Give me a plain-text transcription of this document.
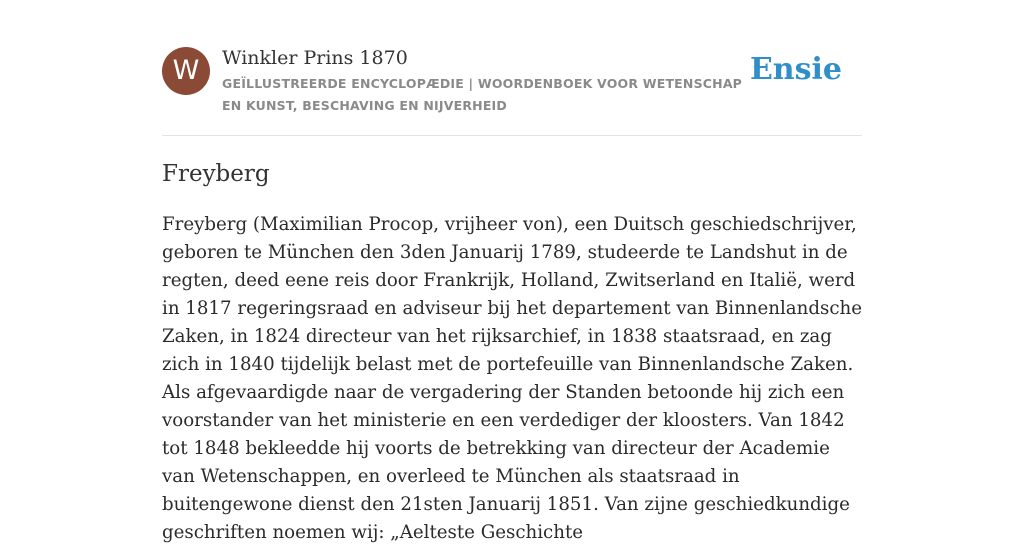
W	Winkler Prins 1870
GEÏLLUSTREERDE ENCYCLOPÆDIE | WOORDENBOEK VOOR WETENSCHAP EN KUNST, BESCHAVING EN NIJVERHEID
Ensie
Freyberg

Freyberg (Maximilian Procop, vrijheer von), een Duitsch geschiedschrijver, geboren te München den 3den Januarij 1789, studeerde te Landshut in de regten, deed eene reis door Frankrijk, Holland, Zwitserland en Italië, werd in 1817 regeringsraad en adviseur bij het departement van Binnenlandsche Zaken, in 1824 directeur van het rijksarchief, in 1838 staatsraad, en zag zich in 1840 tijdelijk belast met de portefeuille van Binnenlandsche Zaken. Als afgevaardigde naar de vergadering der Standen betoonde hij zich een voorstander van het ministerie en een verdediger der kloosters. Van 1842 tot 1848 bekleedde hij voorts de betrekking van directeur der Academie van Wetenschappen, en overleed te München als staatsraad in buitengewone dienst den 21sten Januarij 1851. Van zijne geschiedkundige geschriften noemen wij: „Aelteste Geschichte
